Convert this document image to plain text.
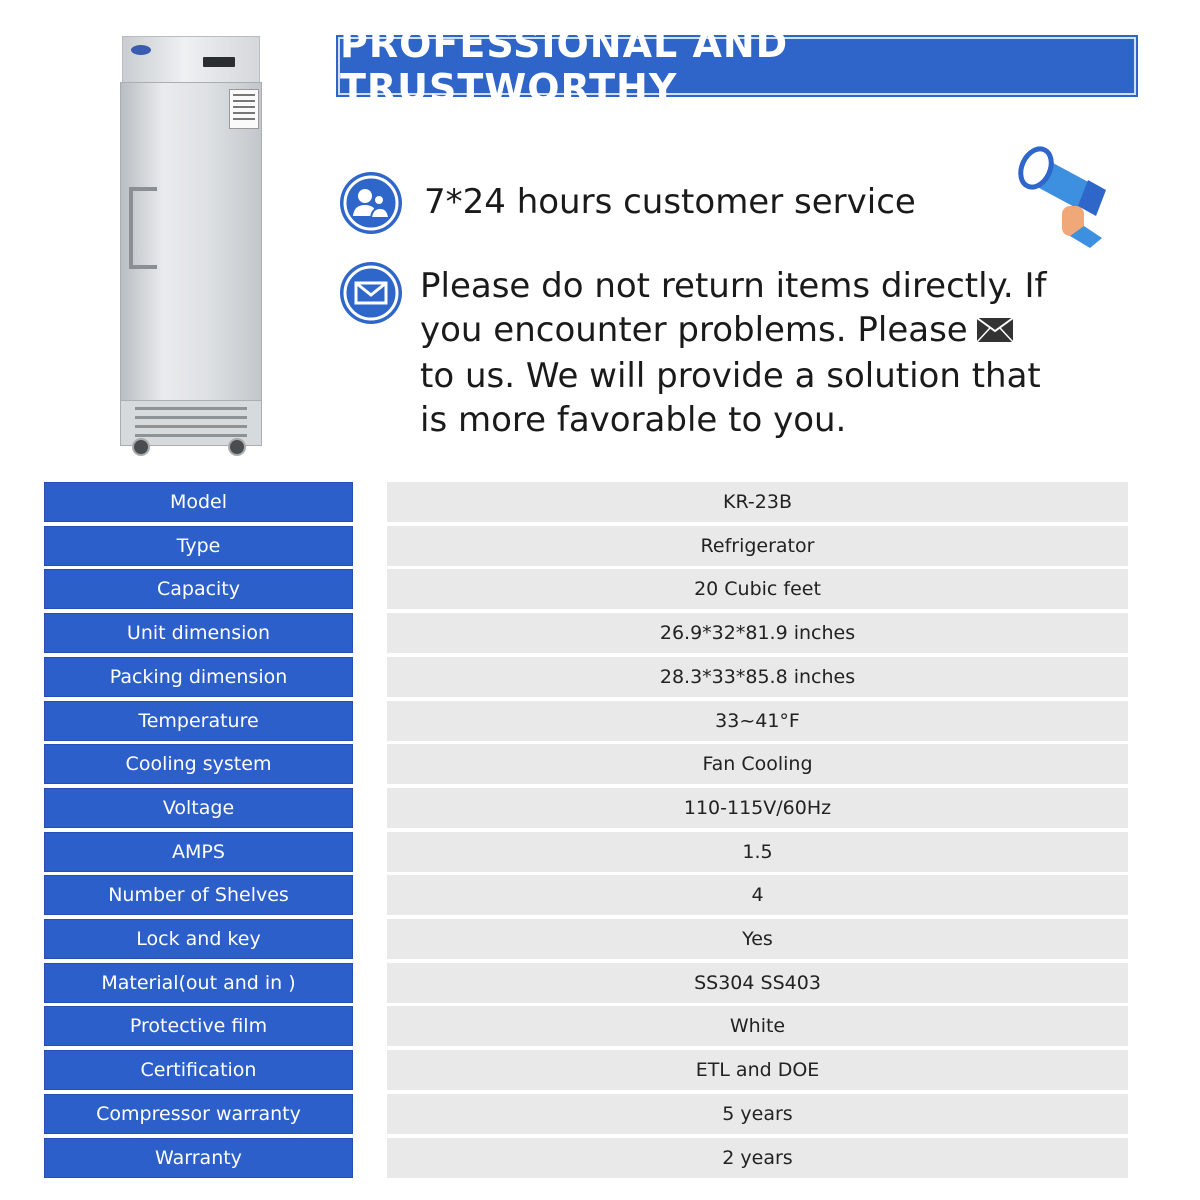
PROFESSIONAL AND TRUSTWORTHY
7*24 hours customer service
Please do not return items directly. If
you encounter problems. Please
to us. We will provide a solution that
is more favorable to you.
Model	KR-23B
Type	Refrigerator
Capacity	20 Cubic feet
Unit dimension	26.9*32*81.9 inches
Packing dimension	28.3*33*85.8 inches
Temperature	33~41°F
Cooling system	Fan Cooling
Voltage	110-115V/60Hz
AMPS	1.5
Number of Shelves	4
Lock and key	Yes
Material(out and in )	SS304 SS403
Protective film	White
Certification	ETL and DOE
Compressor warranty	5 years
Warranty	2 years
